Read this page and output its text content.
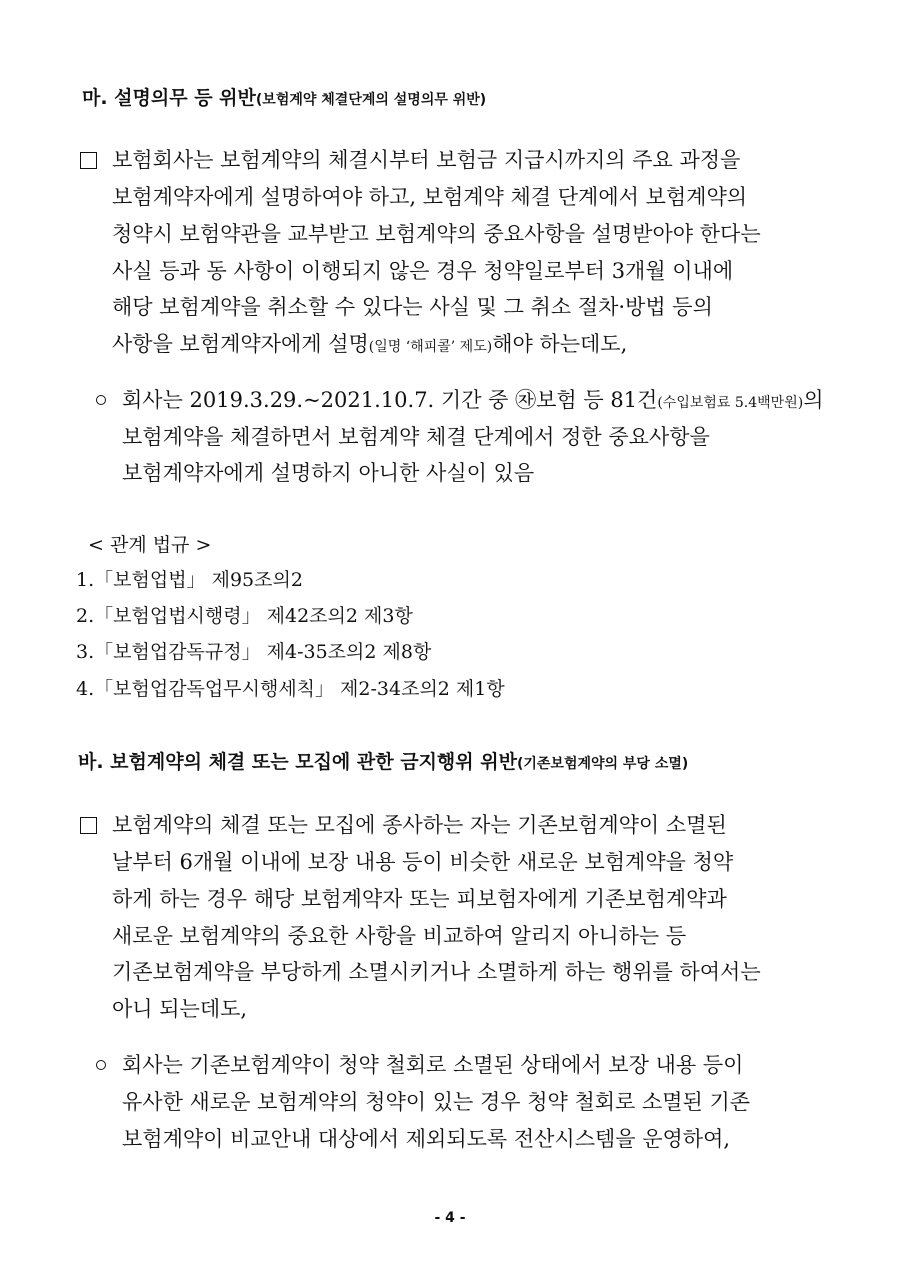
마. 설명의무 등 위반(보험계약 체결단계의 설명의무 위반)
보험회사는 보험계약의 체결시부터 보험금 지급시까지의 주요 과정을
보험계약자에게 설명하여야 하고, 보험계약 체결 단계에서 보험계약의
청약시 보험약관을 교부받고 보험계약의 중요사항을 설명받아야 한다는
사실 등과 동 사항이 이행되지 않은 경우 청약일로부터 3개월 이내에
해당 보험계약을 취소할 수 있다는 사실 및 그 취소 절차·방법 등의
사항을 보험계약자에게 설명(일명 ‘해피콜’ 제도)해야 하는데도,
회사는 2019.3.29.~2021.10.7. 기간 중 ㉶보험 등 81건(수입보험료 5.4백만원)의
보험계약을 체결하면서 보험계약 체결 단계에서 정한 중요사항을
보험계약자에게 설명하지 아니한 사실이 있음
< 관계 법규 >
1.「보험업법」 제95조의2
2.「보험업법시행령」 제42조의2 제3항
3.「보험업감독규정」 제4-35조의2 제8항
4.「보험업감독업무시행세칙」 제2-34조의2 제1항
바. 보험계약의 체결 또는 모집에 관한 금지행위 위반(기존보험계약의 부당 소멸)
보험계약의 체결 또는 모집에 종사하는 자는 기존보험계약이 소멸된
날부터 6개월 이내에 보장 내용 등이 비슷한 새로운 보험계약을 청약
하게 하는 경우 해당 보험계약자 또는 피보험자에게 기존보험계약과
새로운 보험계약의 중요한 사항을 비교하여 알리지 아니하는 등
기존보험계약을 부당하게 소멸시키거나 소멸하게 하는 행위를 하여서는
아니 되는데도,
회사는 기존보험계약이 청약 철회로 소멸된 상태에서 보장 내용 등이
유사한 새로운 보험계약의 청약이 있는 경우 청약 철회로 소멸된 기존
보험계약이 비교안내 대상에서 제외되도록 전산시스템을 운영하여,
- 4 -
